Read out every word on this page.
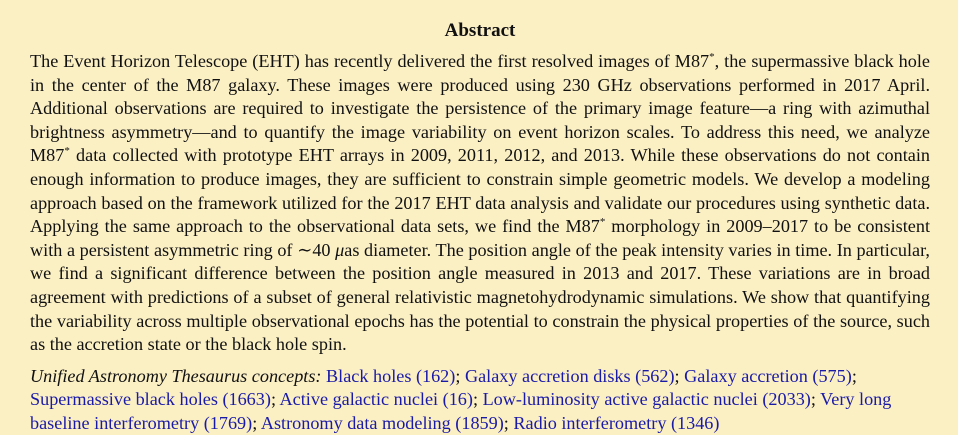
Abstract

The Event Horizon Telescope (EHT) has recently delivered the first resolved images of M87*, the supermassive black hole in the center of the M87 galaxy. These images were produced using 230 GHz observations performed in 2017 April. Additional observations are required to investigate the persistence of the primary image feature—a ring with azimuthal brightness asymmetry—and to quantify the image variability on event horizon scales. To address this need, we analyze M87* data collected with prototype EHT arrays in 2009, 2011, 2012, and 2013. While these observations do not contain enough information to produce images, they are sufficient to constrain simple geometric models. We develop a modeling approach based on the framework utilized for the 2017 EHT data analysis and validate our procedures using synthetic data. Applying the same approach to the observational data sets, we find the M87* morphology in 2009–2017 to be consistent with a persistent asymmetric ring of ∼40 μas diameter. The position angle of the peak intensity varies in time. In particular, we find a significant difference between the position angle measured in 2013 and 2017. These variations are in broad agreement with predictions of a subset of general relativistic magnetohydrodynamic simulations. We show that quantifying the variability across multiple observational epochs has the potential to constrain the physical properties of the source, such as the accretion state or the black hole spin.

Unified Astronomy Thesaurus concepts: Black holes (162); Galaxy accretion disks (562); Galaxy accretion (575); Supermassive black holes (1663); Active galactic nuclei (16); Low-luminosity active galactic nuclei (2033); Very long baseline interferometry (1769); Astronomy data modeling (1859); Radio interferometry (1346)
